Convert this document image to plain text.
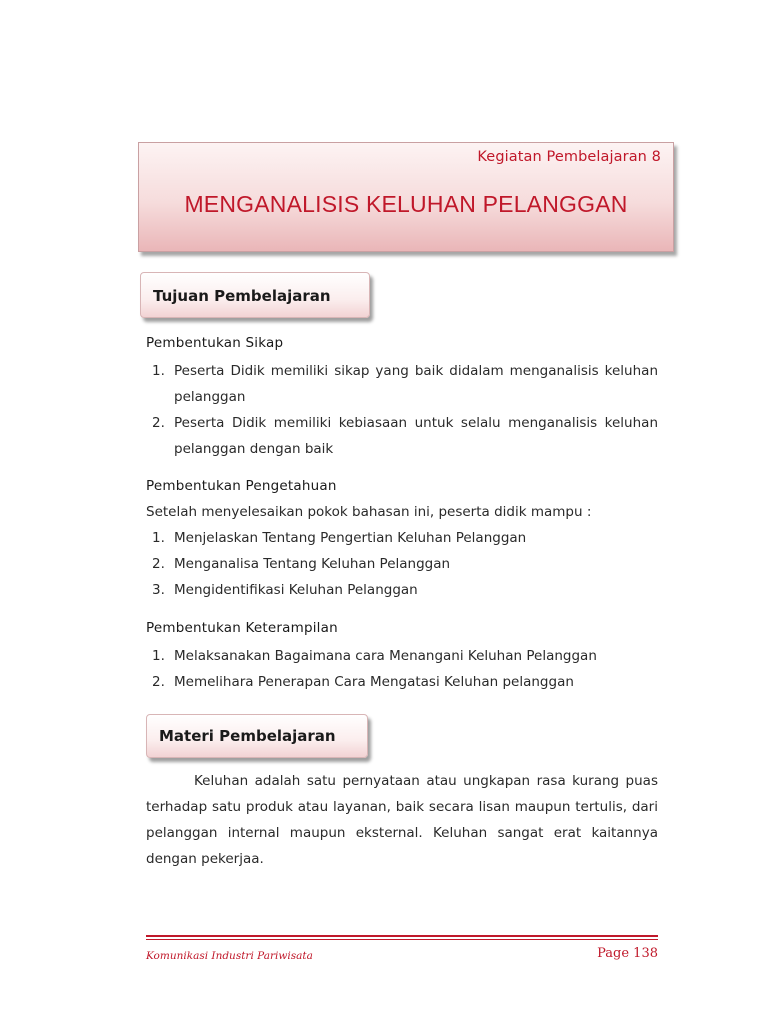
Kegiatan Pembelajaran 8
MENGANALISIS KELUHAN PELANGGAN
Tujuan Pembelajaran
Pembentukan Sikap
1. Peserta Didik memiliki sikap yang baik didalam menganalisis keluhan pelanggan
2. Peserta Didik memiliki kebiasaan untuk selalu menganalisis keluhan pelanggan dengan baik
Pembentukan Pengetahuan
Setelah menyelesaikan pokok bahasan ini, peserta didik mampu :
1. Menjelaskan Tentang Pengertian Keluhan Pelanggan
2. Menganalisa Tentang Keluhan Pelanggan
3. Mengidentifikasi Keluhan Pelanggan
Pembentukan Keterampilan
1. Melaksanakan Bagaimana cara Menangani Keluhan Pelanggan
2. Memelihara Penerapan Cara Mengatasi Keluhan pelanggan
Materi Pembelajaran
Keluhan adalah satu pernyataan atau ungkapan rasa kurang puas terhadap satu produk atau layanan, baik secara lisan maupun tertulis, dari pelanggan internal maupun eksternal. Keluhan sangat erat kaitannya dengan pekerjaa.
Komunikasi Industri Pariwisata	Page 138
